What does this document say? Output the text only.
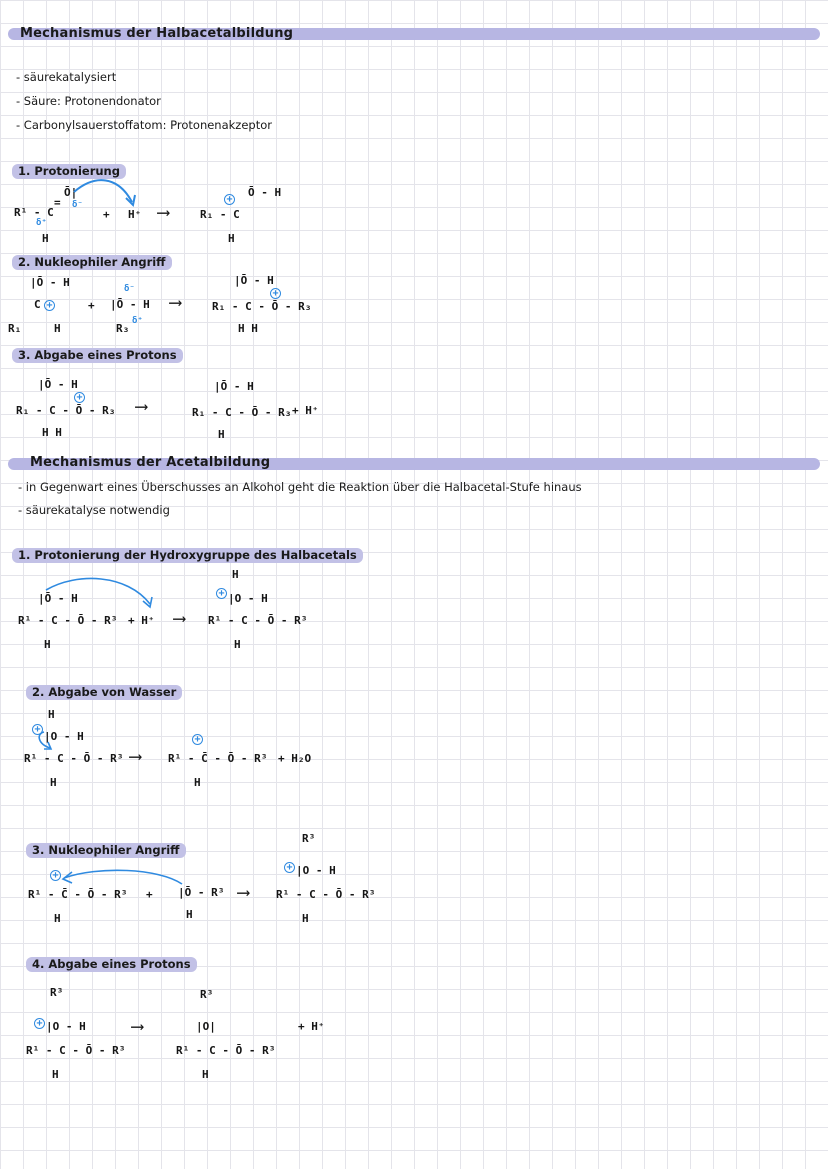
Mechanismus der Halbacetalbildung
- säurekatalysiert
- Säure: Protonendonator
- Carbonylsauerstoffatom: Protonenakzeptor
1. Protonierung
Ō|
=
R¹ - C
δ⁻
δ⁺
H
+ H⁺ ⟶
+
Ō - H
R₁ - C
H
2. Nukleophiler Angriff
|Ō - H
C +
R₁	H
+
δ⁻
|Ō - H
R₃
δ⁺
⟶
|Ō - H
+
R₁ - C - Ō - R₃
H H
3. Abgabe eines Protons
|Ō - H
+
R₁ - C - Ō - R₃
H H
⟶
|Ō - H
R₁ - C - Ō - R₃
H
+ H⁺
Mechanismus der Acetalbildung
- in Gegenwart eines Überschusses an Alkohol geht die Reaktion über die Halbacetal-Stufe hinaus
- säurekatalyse notwendig
1. Protonierung der Hydroxygruppe des Halbacetals
|Ō - H
R¹ - C - Ō - R³
H
+ H⁺ ⟶
H
+ |O - H
R¹ - C - Ō - R³
H
2. Abgabe von Wasser
H
+
|O - H
R¹ - C - Ō - R³
H
⟶
+
R¹ - C̄ - Ō - R³
H
+ H₂O
3. Nukleophiler Angriff
+
R¹ - C̄ - Ō - R³
H
+ |Ō - R³
H
⟶
R³
+ |O - H
R¹ - C - Ō - R³
H
4. Abgabe eines Protons
R³
+ |O - H
R¹ - C - Ō - R³
H
⟶
R³
|O|
R¹ - C - Ō - R³
H
+ H⁺
